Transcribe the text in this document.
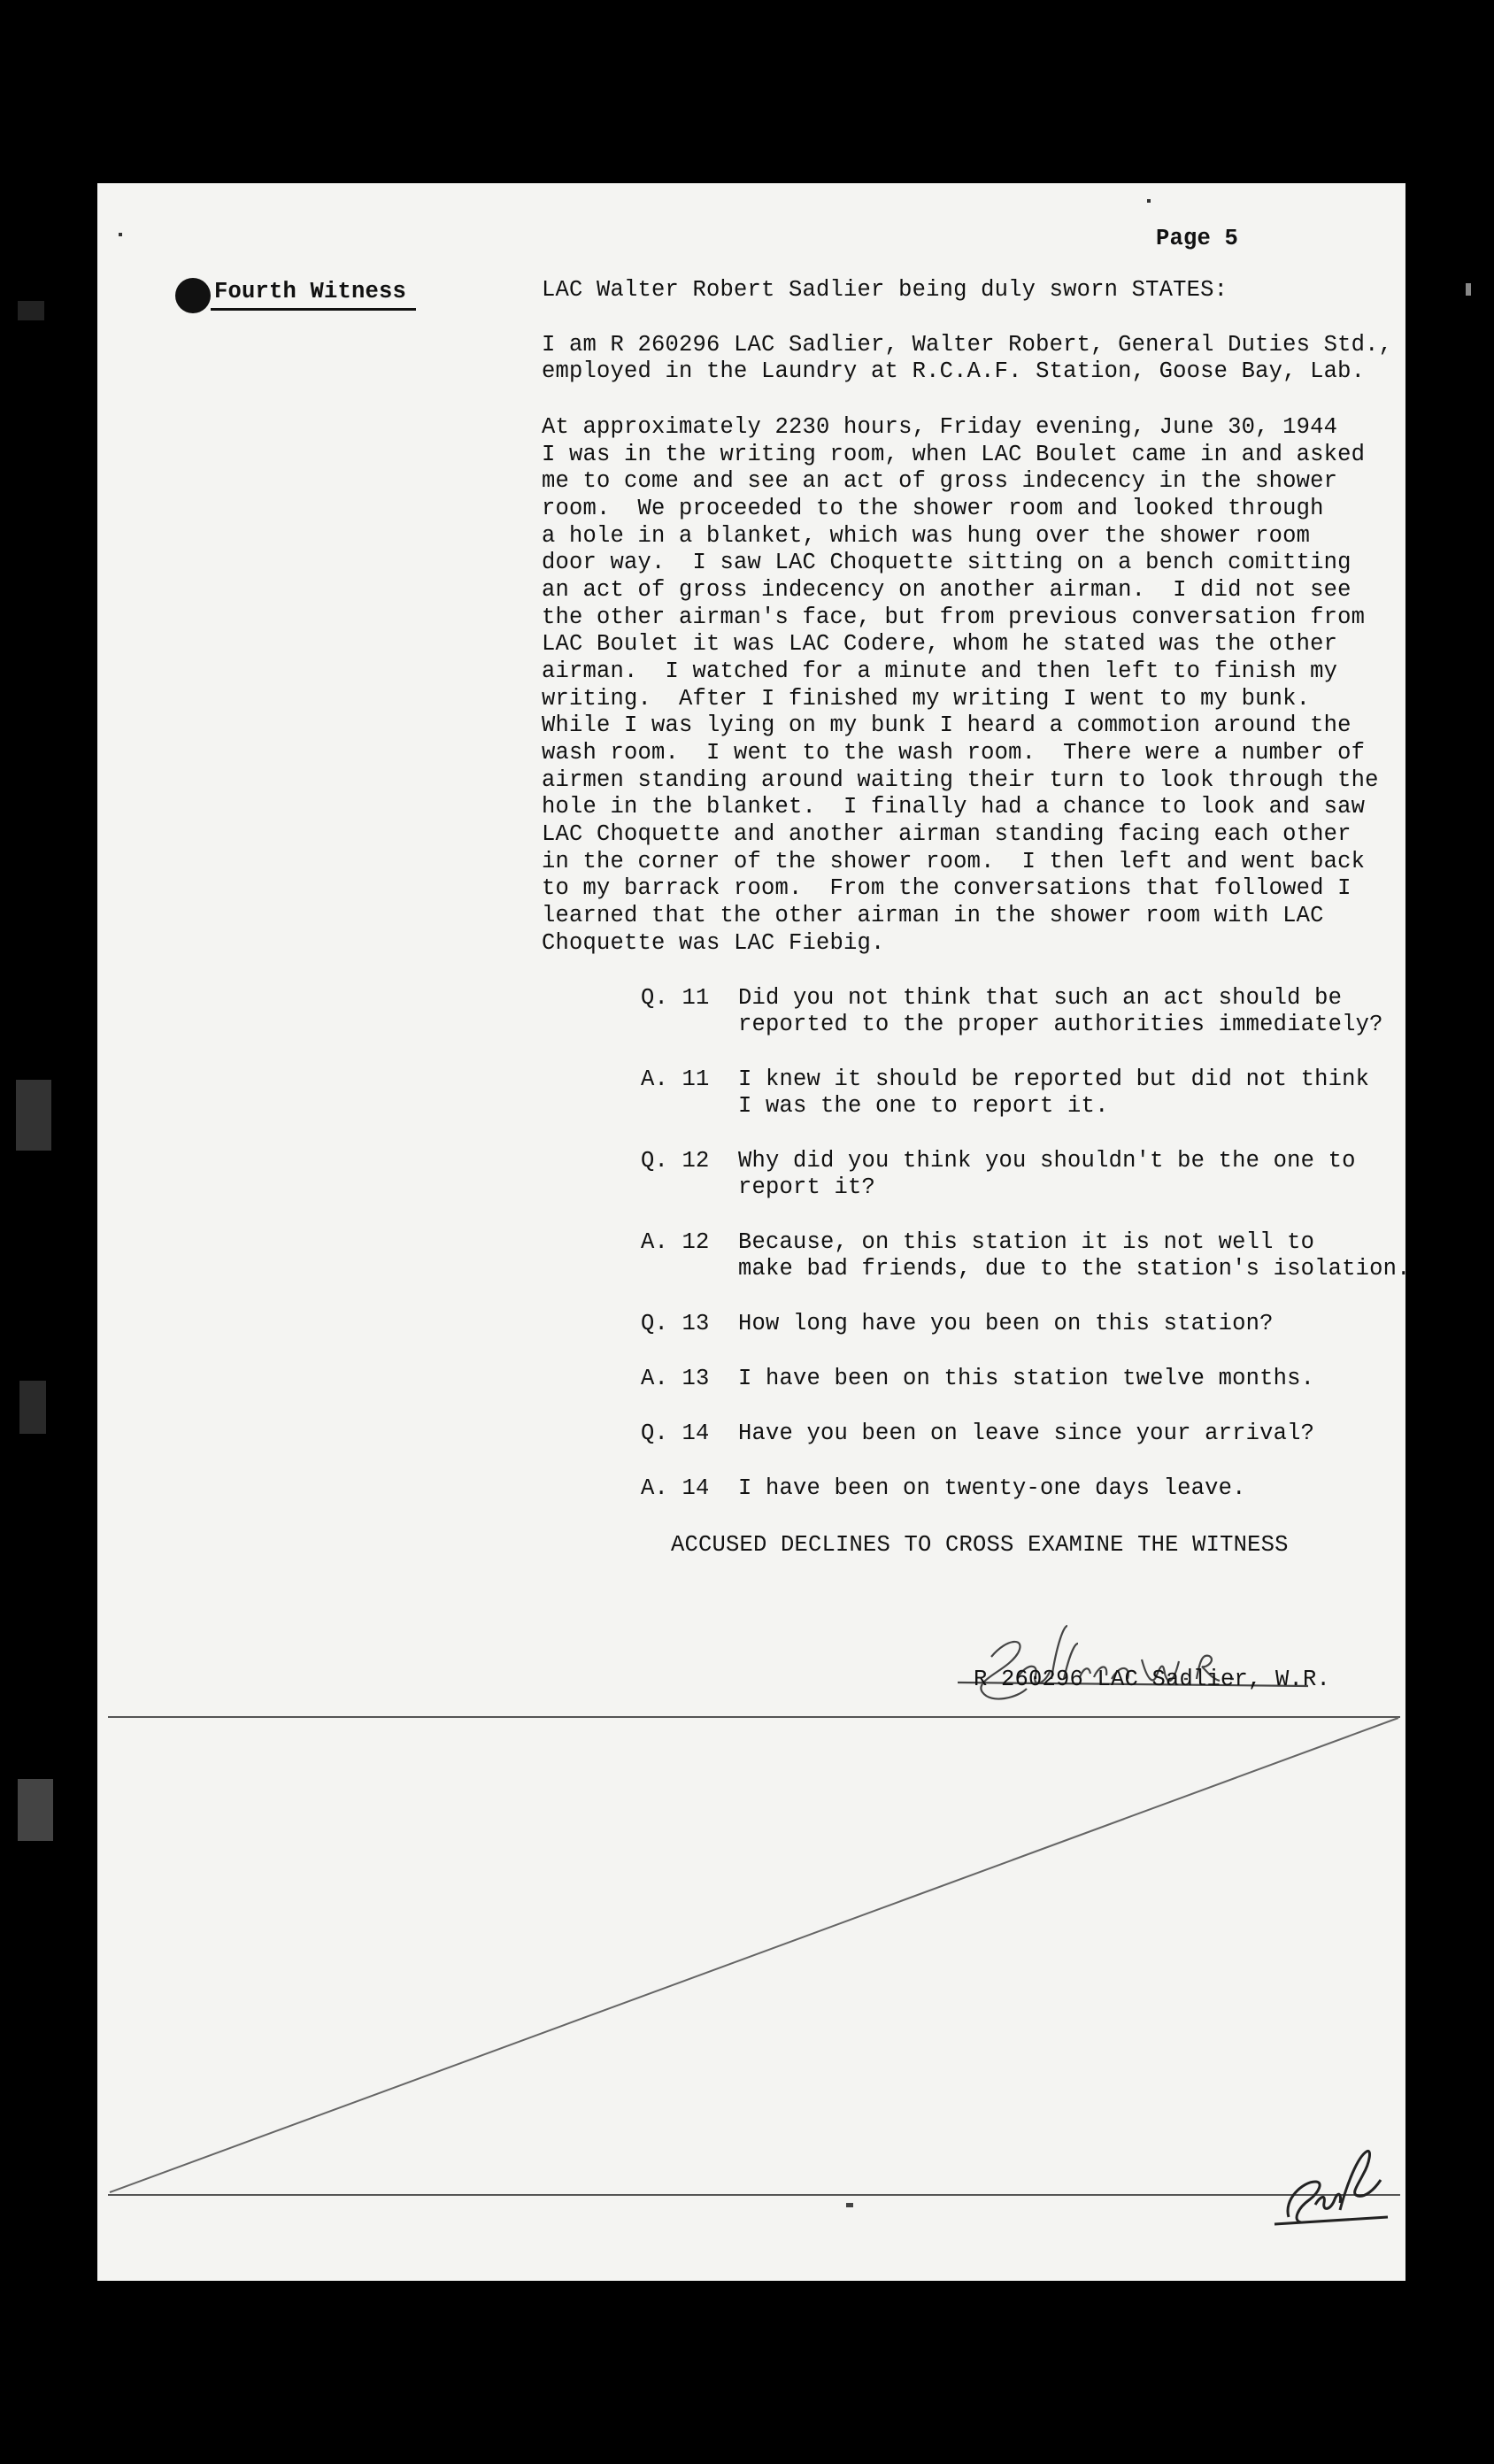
Page 5
Fourth Witness	LAC Walter Robert Sadlier being duly sworn STATES:
I am R 260296 LAC Sadlier, Walter Robert, General Duties Std.,
employed in the Laundry at R.C.A.F. Station, Goose Bay, Lab.
At approximately 2230 hours, Friday evening, June 30, 1944
I was in the writing room, when LAC Boulet came in and asked
me to come and see an act of gross indecency in the shower
room.  We proceeded to the shower room and looked through
a hole in a blanket, which was hung over the shower room
door way.  I saw LAC Choquette sitting on a bench comitting
an act of gross indecency on another airman.  I did not see
the other airman's face, but from previous conversation from
LAC Boulet it was LAC Codere, whom he stated was the other
airman.  I watched for a minute and then left to finish my
writing.  After I finished my writing I went to my bunk.
While I was lying on my bunk I heard a commotion around the
wash room.  I went to the wash room.  There were a number of
airmen standing around waiting their turn to look through the
hole in the blanket.  I finally had a chance to look and saw
LAC Choquette and another airman standing facing each other
in the corner of the shower room.  I then left and went back
to my barrack room.  From the conversations that followed I
learned that the other airman in the shower room with LAC
Choquette was LAC Fiebig.
Q. 11 Did you not think that such an act should be
reported to the proper authorities immediately?
A. 11 I knew it should be reported but did not think
I was the one to report it.
Q. 12 Why did you think you shouldn't be the one to
report it?
A. 12 Because, on this station it is not well to
make bad friends, due to the station's isolation.
Q. 13 How long have you been on this station?
A. 13 I have been on this station twelve months.
Q. 14 Have you been on leave since your arrival?
A. 14 I have been on twenty-one days leave.
ACCUSED DECLINES TO CROSS EXAMINE THE WITNESS
R 260296 LAC Sadlier, W.R.
